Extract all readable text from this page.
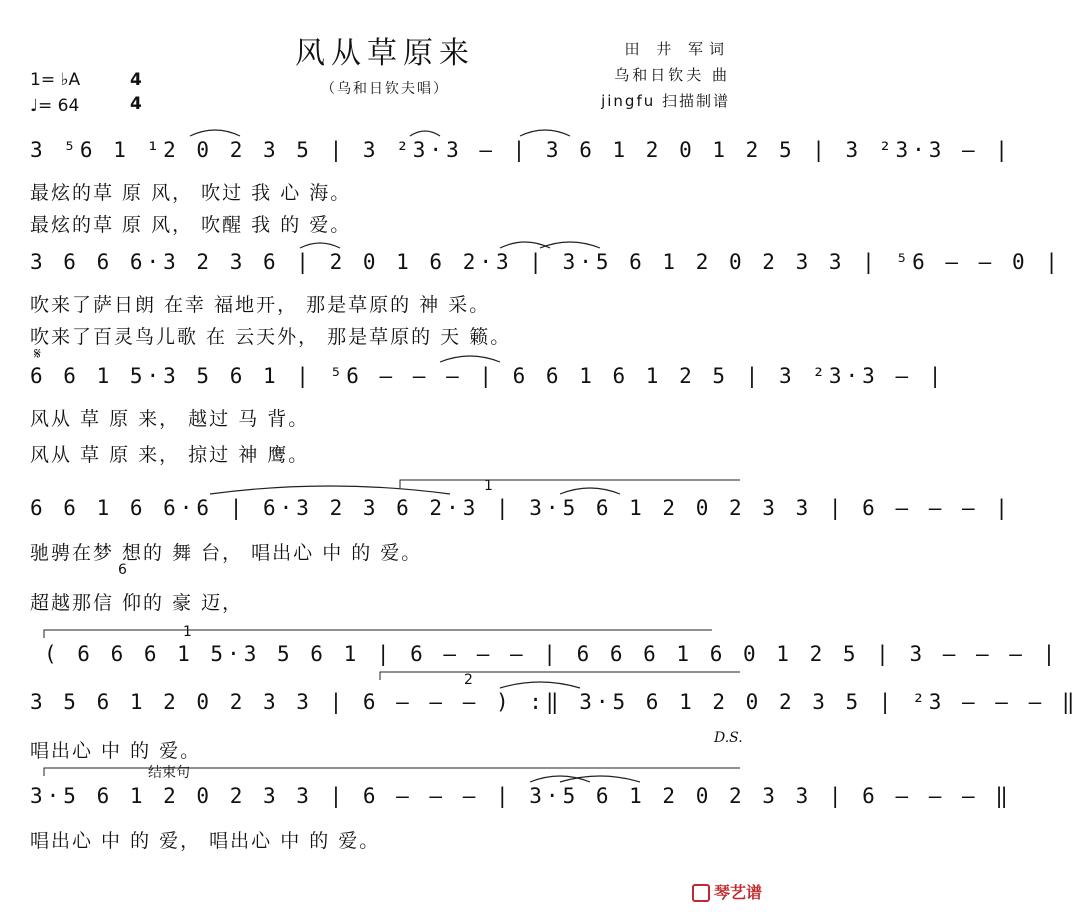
风从草原来
（乌和日钦夫唱）
田 井 军词
乌和日钦夫 曲
jingfu 扫描制谱
1= ♭A	4
4
♩= 64
3 ⁵6 1 ¹2 0 2 3 5 | 3 ²3·3 – | 3 6 1 2 0 1 2 5 | 3 ²3·3 – |
最炫的草 原 风， 吹过 我 心 海。
最炫的草 原 风， 吹醒 我 的 爱。
3 6 6 6·3 2 3 6 | 2 0 1 6 2·3 | 3·5 6 1 2 0 2 3 3 | ⁵6 – – 0 |
吹来了萨日朗 在幸 福地开， 那是草原的 神 采。
吹来了百灵鸟儿歌 在 云天外， 那是草原的 天 籁。
𝄋
6 6 1 5·3 5 6 1 | ⁵6 – – – | 6 6 1 6 1 2 5 | 3 ²3·3 – |
风从 草 原 来， 越过 马 背。
风从 草 原 来， 掠过 神 鹰。
1
6 6 1 6 6·6 | 6·3 2 3 6 2·3 | 3·5 6 1 2 0 2 3 3 | 6 – – – |
驰骋在梦 想的 舞 台， 唱出心 中 的 爱。
6
超越那信 仰的 豪 迈，
1
( 6 6 6 1 5·3 5 6 1 | 6 – – – | 6 6 6 1 6 0 1 2 5 | 3 – – – |
2
3 5 6 1 2 0 2 3 3 | 6 – – – ) :‖ 3·5 6 1 2 0 2 3 5 | ²3 – – – ‖
唱出心 中 的 爱。
D.S.
结束句
3·5 6 1 2 0 2 3 3 | 6 – – – | 3·5 6 1 2 0 2 3 3 | 6 – – – ‖
唱出心 中 的 爱， 唱出心 中 的 爱。
琴艺谱
